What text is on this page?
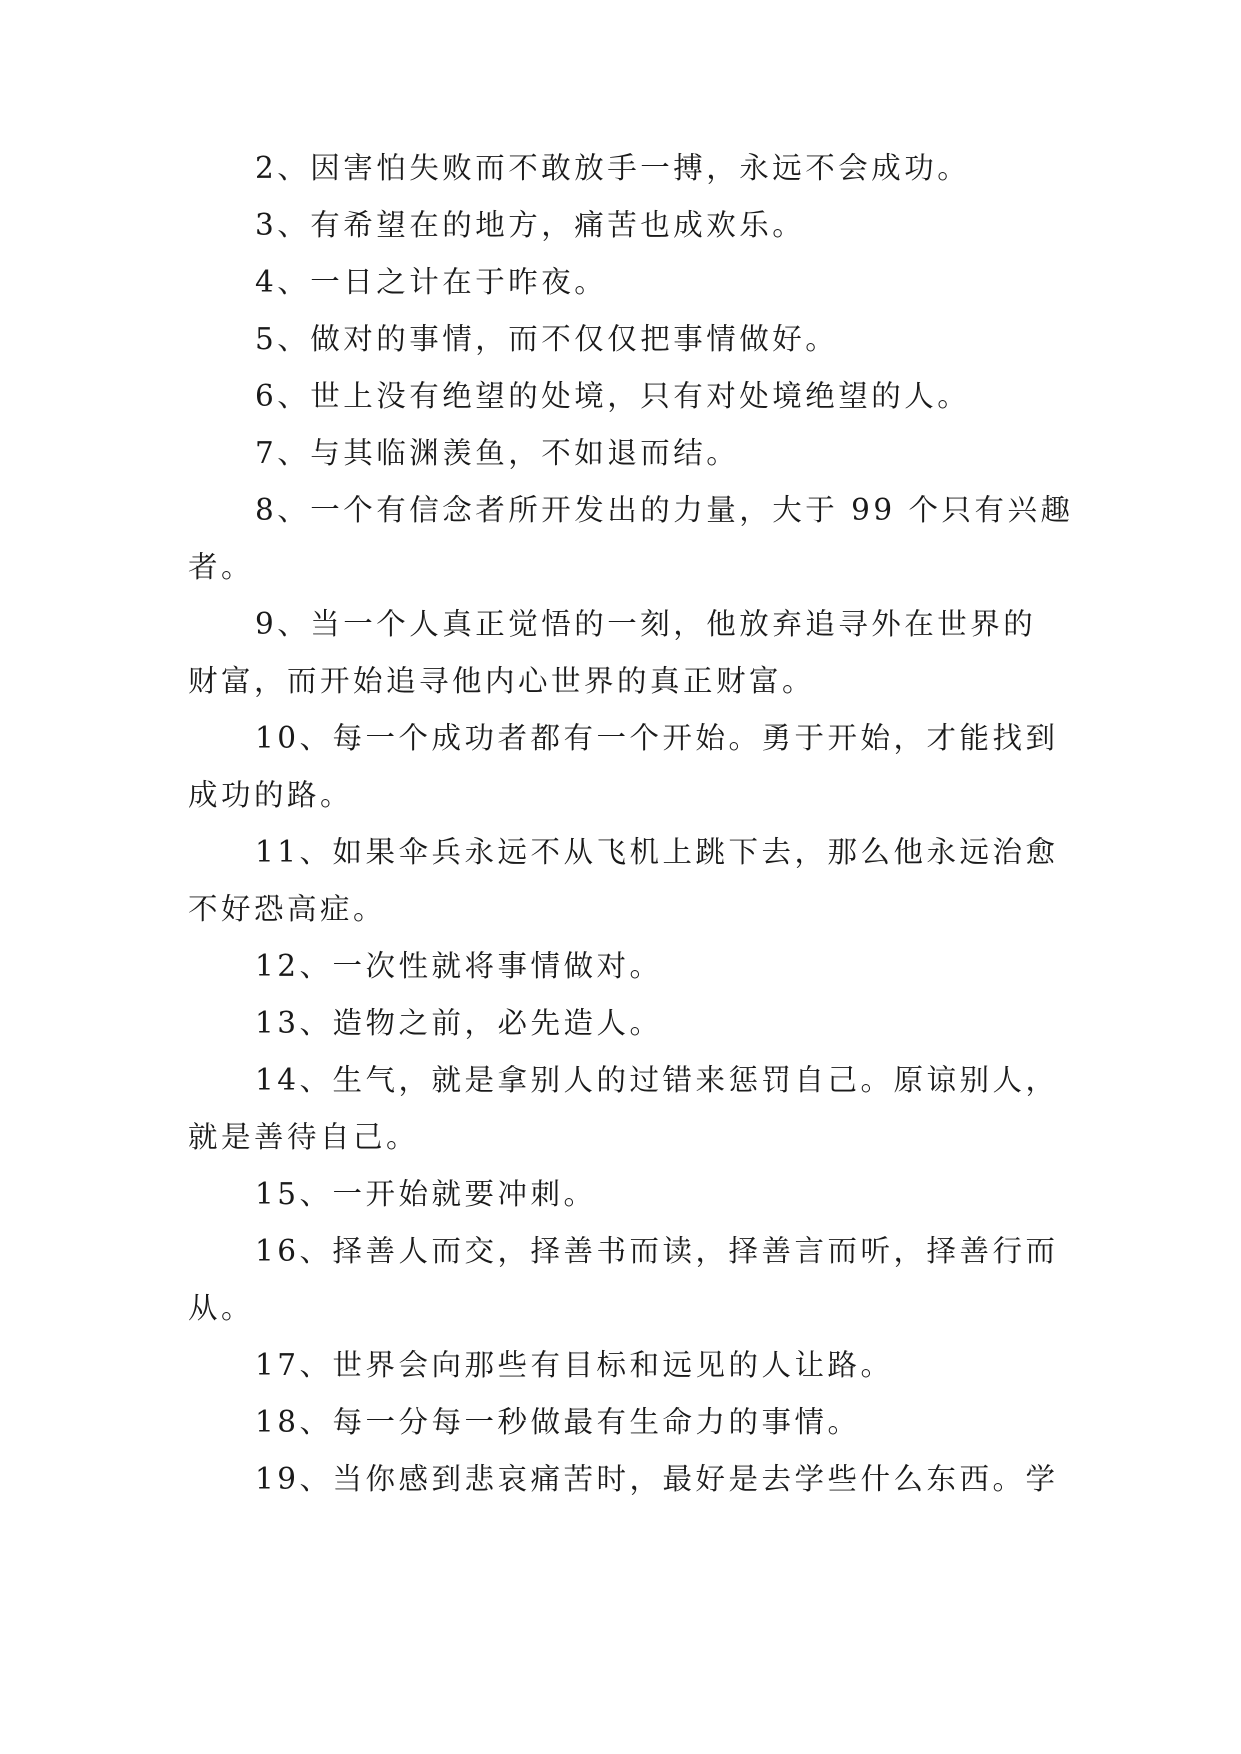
2、因害怕失败而不敢放手一搏，永远不会成功。
3、有希望在的地方，痛苦也成欢乐。
4、一日之计在于昨夜。
5、做对的事情，而不仅仅把事情做好。
6、世上没有绝望的处境，只有对处境绝望的人。
7、与其临渊羡鱼，不如退而结。
8、一个有信念者所开发出的力量，大于 99 个只有兴趣
者。
9、当一个人真正觉悟的一刻，他放弃追寻外在世界的
财富，而开始追寻他内心世界的真正财富。
10、每一个成功者都有一个开始。勇于开始，才能找到
成功的路。
11、如果伞兵永远不从飞机上跳下去，那么他永远治愈
不好恐高症。
12、一次性就将事情做对。
13、造物之前，必先造人。
14、生气，就是拿别人的过错来惩罚自己。原谅别人，
就是善待自己。
15、一开始就要冲刺。
16、择善人而交，择善书而读，择善言而听，择善行而
从。
17、世界会向那些有目标和远见的人让路。
18、每一分每一秒做最有生命力的事情。
19、当你感到悲哀痛苦时，最好是去学些什么东西。学
